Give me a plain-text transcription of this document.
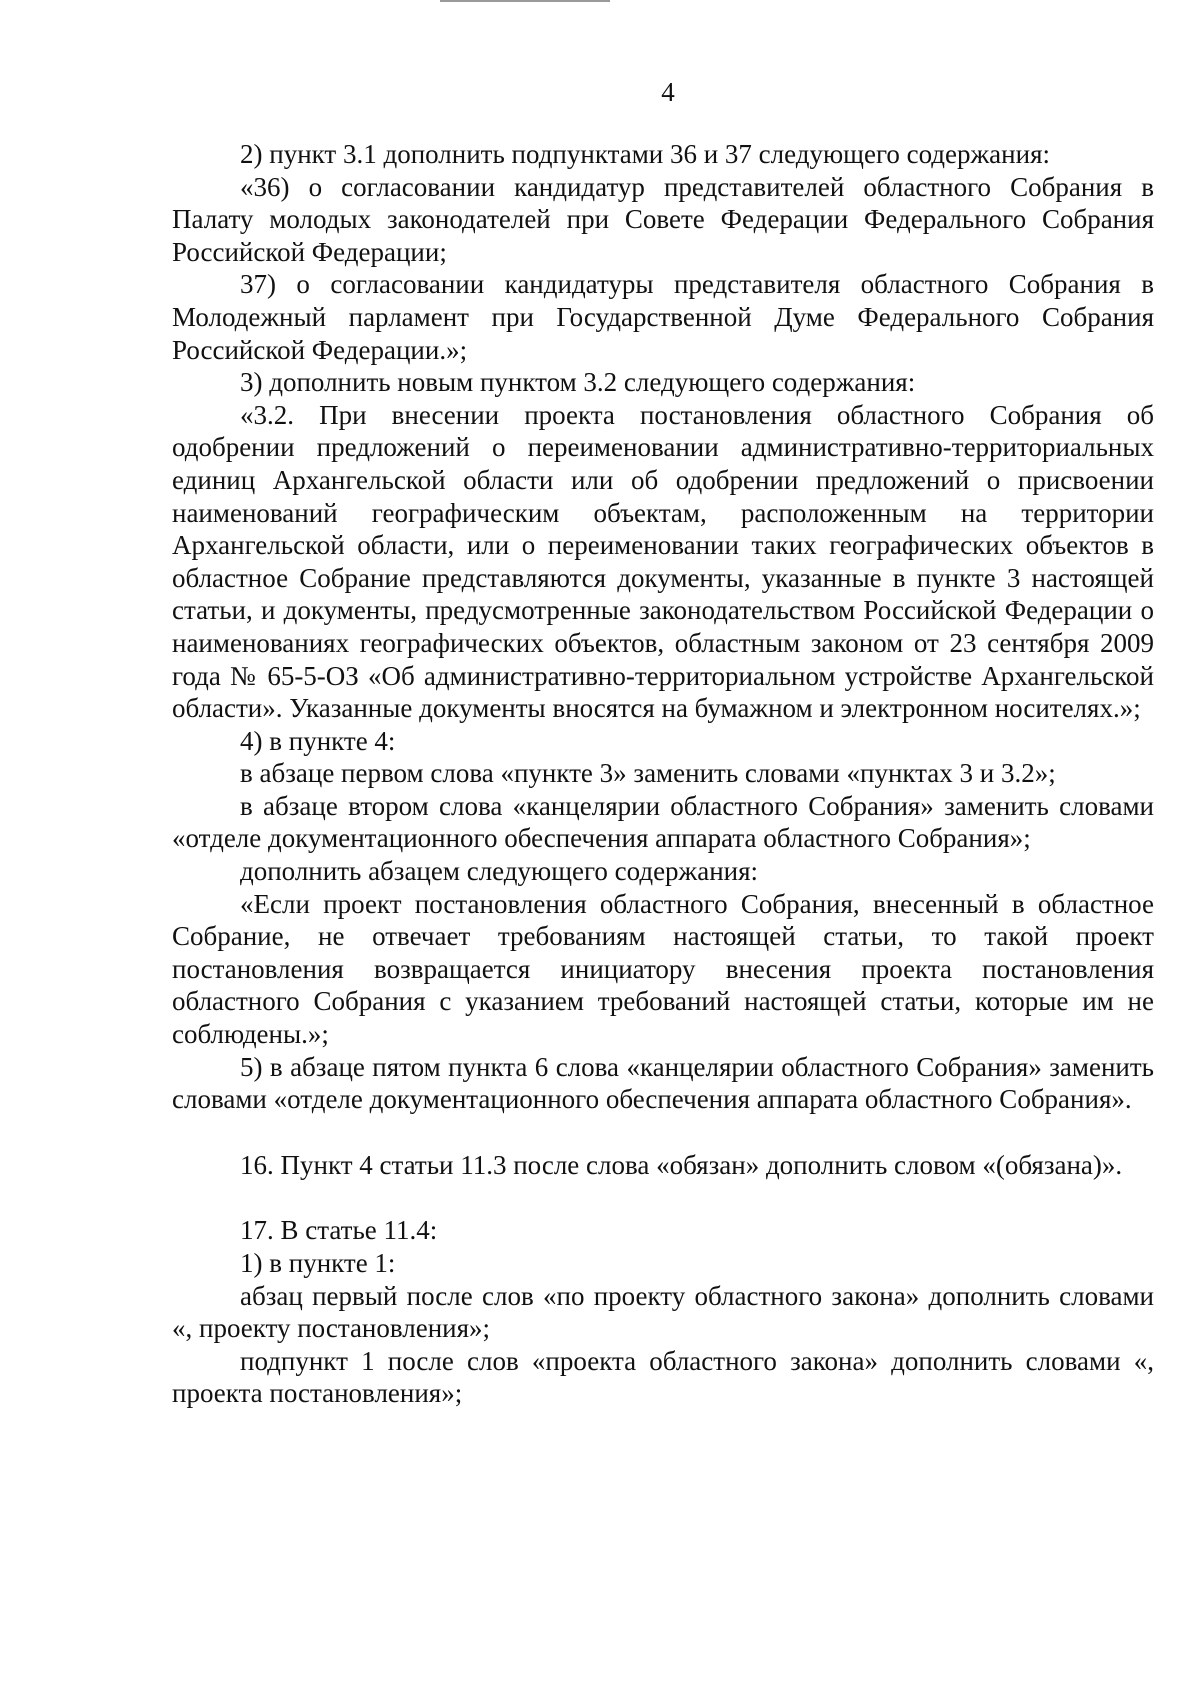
4

2) пункт 3.1 дополнить подпунктами 36 и 37 следующего содержания:

«36) о согласовании кандидатур представителей областного Собрания в Палату молодых законодателей при Совете Федерации Федерального Собрания Российской Федерации;

37) о согласовании кандидатуры представителя областного Собрания в Молодежный парламент при Государственной Думе Федерального Собрания Российской Федерации.»;

3) дополнить новым пунктом 3.2 следующего содержания:

«3.2. При внесении проекта постановления областного Собрания об одобрении предложений о переименовании административно-территориальных единиц Архангельской области или об одобрении предложений о присвоении наименований географическим объектам, расположенным на территории Архангельской области, или о переименовании таких географических объектов в областное Собрание представляются документы, указанные в пункте 3 настоящей статьи, и документы, предусмотренные законодательством Российской Федерации о наименованиях географических объектов, областным законом от 23 сентября 2009 года № 65-5-ОЗ «Об административно-территориальном устройстве Архангельской области». Указанные документы вносятся на бумажном и электронном носителях.»;

4) в пункте 4:

в абзаце первом слова «пункте 3» заменить словами «пунктах 3 и 3.2»;

в абзаце втором слова «канцелярии областного Собрания» заменить словами «отделе документационного обеспечения аппарата областного Собрания»;

дополнить абзацем следующего содержания:

«Если проект постановления областного Собрания, внесенный в областное Собрание, не отвечает требованиям настоящей статьи, то такой проект постановления возвращается инициатору внесения проекта постановления областного Собрания с указанием требований настоящей статьи, которые им не соблюдены.»;

5) в абзаце пятом пункта 6 слова «канцелярии областного Собрания» заменить словами «отделе документационного обеспечения аппарата областного Собрания».

16. Пункт 4 статьи 11.3 после слова «обязан» дополнить словом «(обязана)».

17. В статье 11.4:

1) в пункте 1:

абзац первый после слов «по проекту областного закона» дополнить словами «, проекту постановления»;

подпункт 1 после слов «проекта областного закона» дополнить словами «, проекта постановления»;
